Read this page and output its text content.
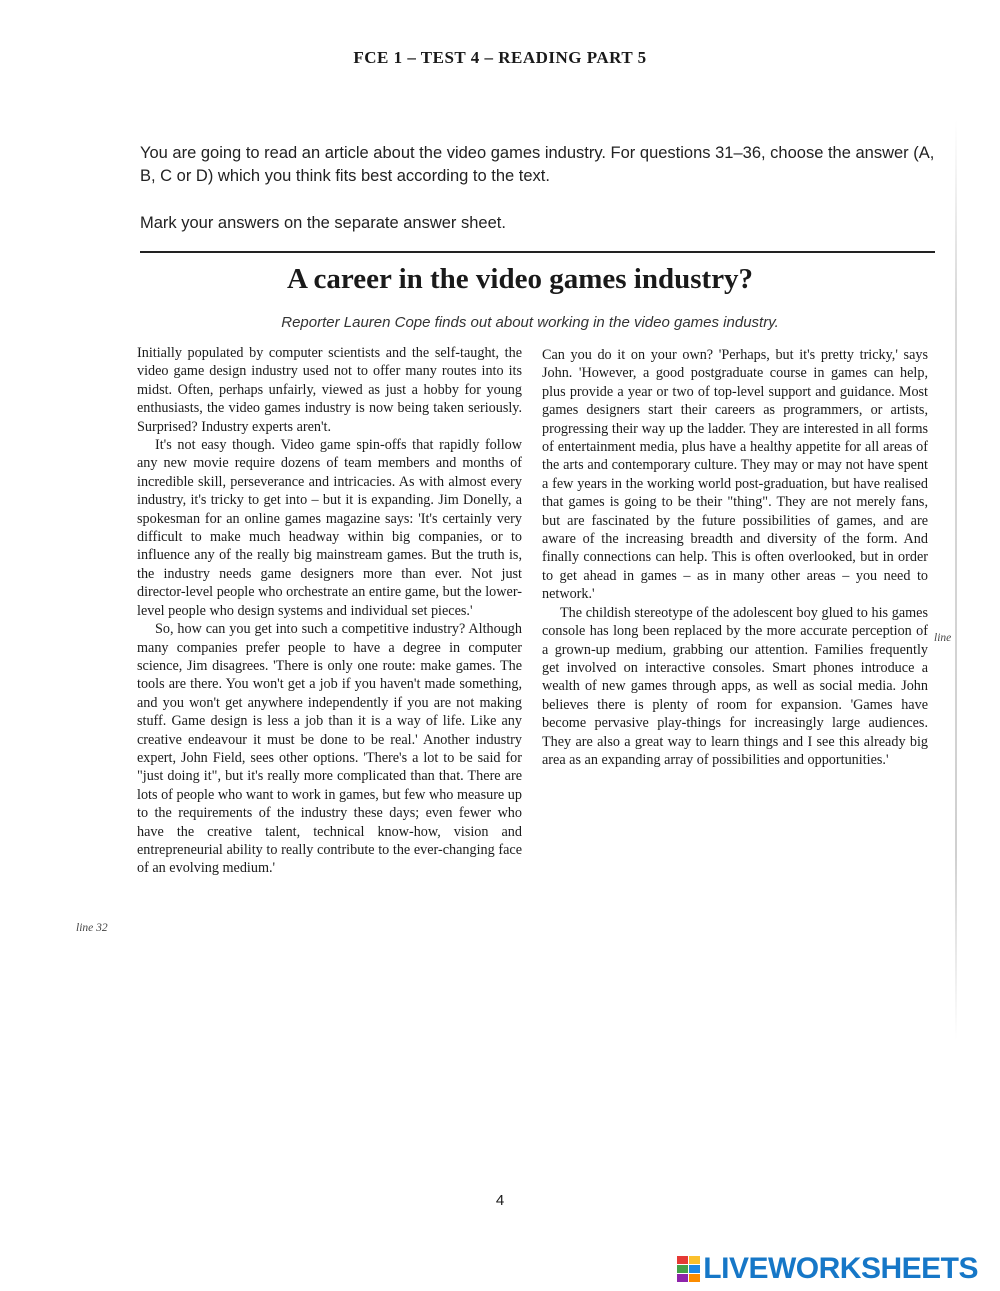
FCE 1 – TEST 4 – READING PART 5
You are going to read an article about the video games industry. For questions 31–36, choose the answer (A, B, C or D) which you think fits best according to the text.
Mark your answers on the separate answer sheet.
A career in the video games industry?
Reporter Lauren Cope finds out about working in the video games industry.

Initially populated by computer scientists and the self-taught, the video game design industry used not to offer many routes into its midst. Often, perhaps unfairly, viewed as just a hobby for young enthusiasts, the video games industry is now being taken seriously. Surprised? Industry experts aren't.

It's not easy though. Video game spin-offs that rapidly follow any new movie require dozens of team members and months of incredible skill, perseverance and intricacies. As with almost every industry, it's tricky to get into – but it is expanding. Jim Donelly, a spokesman for an online games magazine says: 'It's certainly very difficult to make much headway within big companies, or to influence any of the really big mainstream games. But the truth is, the industry needs game designers more than ever. Not just director-level people who orchestrate an entire game, but the lower-level people who design systems and individual set pieces.'

So, how can you get into such a competitive industry? Although many companies prefer people to have a degree in computer science, Jim disagrees. 'There is only one route: make games. The tools are there. You won't get a job if you haven't made something, and you won't get anywhere independently if you are not making stuff. Game design is less a job than it is a way of life. Like any creative endeavour it must be done to be real.' Another industry expert, John Field, sees other options. 'There's a lot to be said for "just doing it", but it's really more complicated than that. There are lots of people who want to work in games, but few who measure up to the requirements of the industry these days; even fewer who have the creative talent, technical know-how, vision and entrepreneurial ability to really contribute to the ever-changing face of an evolving medium.'

Can you do it on your own? 'Perhaps, but it's pretty tricky,' says John. 'However, a good postgraduate course in games can help, plus provide a year or two of top-level support and guidance. Most games designers start their careers as programmers, or artists, progressing their way up the ladder. They are interested in all forms of entertainment media, plus have a healthy appetite for all areas of the arts and contemporary culture. They may or may not have spent a few years in the working world post-graduation, but have realised that games is going to be their "thing". They are not merely fans, but are fascinated by the future possibilities of games, and are aware of the increasing breadth and diversity of the form. And finally connections can help. This is often overlooked, but in order to get ahead in games – as in many other areas – you need to network.'

The childish stereotype of the adolescent boy glued to his games console has long been replaced by the more accurate perception of a grown-up medium, grabbing our attention. Families frequently get involved on interactive consoles. Smart phones introduce a wealth of new games through apps, as well as social media. John believes there is plenty of room for expansion. 'Games have become pervasive play-things for increasingly large audiences. They are also a great way to learn things and I see this already big area as an expanding array of possibilities and opportunities.'

line 32
line
4
LIVEWORKSHEETS
